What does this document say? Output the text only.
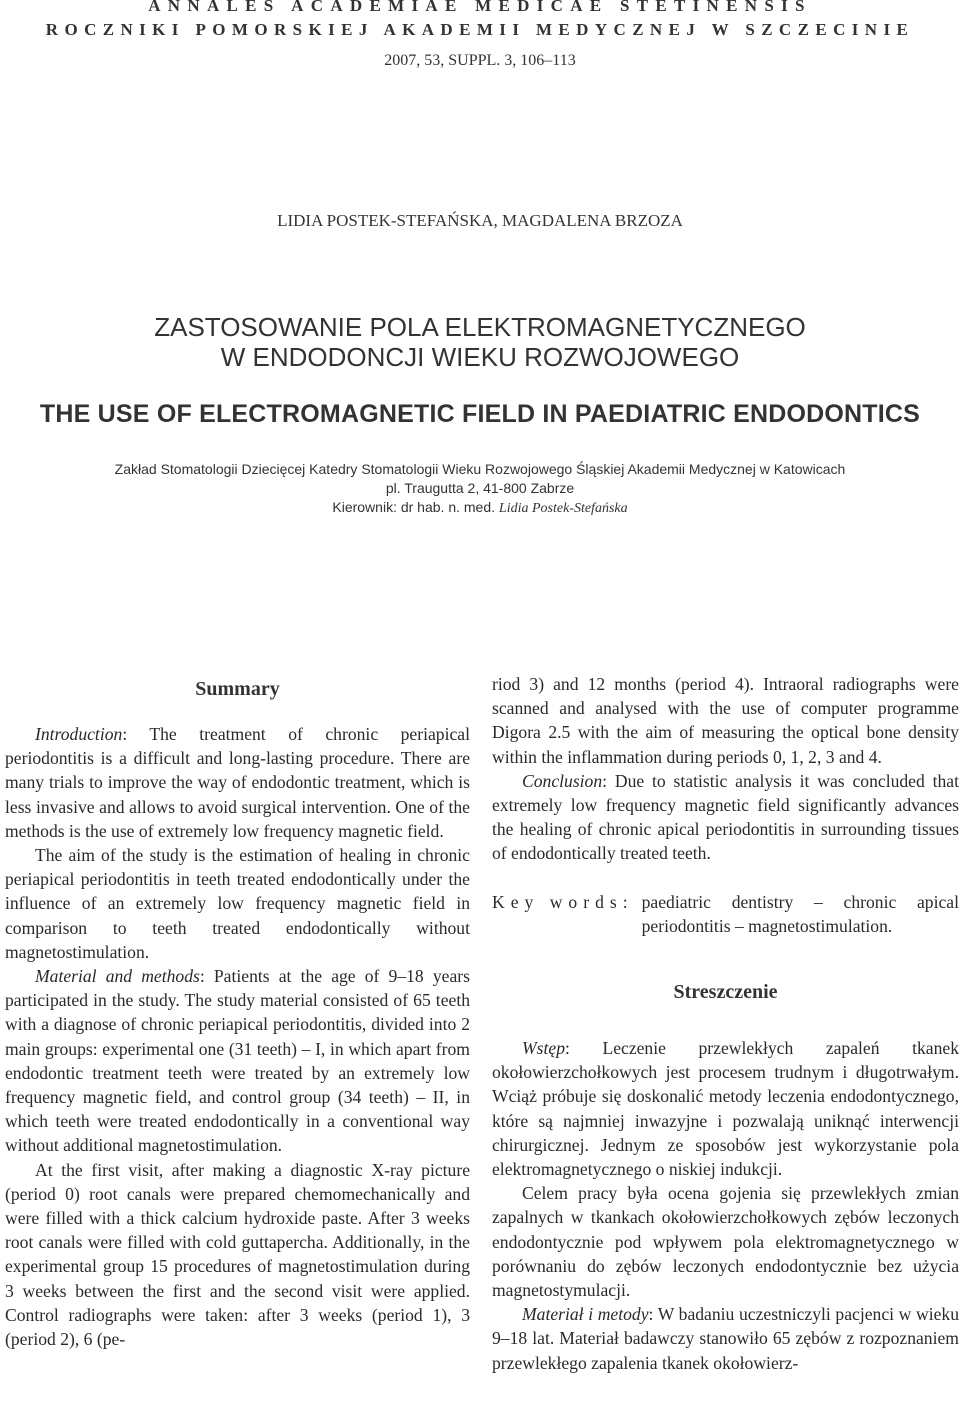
ANNALES ACADEMIAE MEDICAE STETINENSIS
ROCZNIKI POMORSKIEJ AKADEMII MEDYCZNEJ W SZCZECINIE
2007, 53, SUPPL. 3, 106–113
LIDIA POSTEK-STEFAŃSKA, MAGDALENA BRZOZA
ZASTOSOWANIE POLA ELEKTROMAGNETYCZNEGO
W ENDODONCJI WIEKU ROZWOJOWEGO
THE USE OF ELECTROMAGNETIC FIELD IN PAEDIATRIC ENDODONTICS
Zakład Stomatologii Dziecięcej Katedry Stomatologii Wieku Rozwojowego Śląskiej Akademii Medycznej w Katowicach
pl. Traugutta 2, 41-800 Zabrze
Kierownik: dr hab. n. med. Lidia Postek-Stefańska
Summary

Introduction: The treatment of chronic periapical periodontitis is a difficult and long-lasting procedure. There are many trials to improve the way of endodontic treatment, which is less invasive and allows to avoid surgical intervention. One of the methods is the use of extremely low frequency magnetic field.

The aim of the study is the estimation of healing in chronic periapical periodontitis in teeth treated endodontically under the influence of an extremely low frequency magnetic field in comparison to teeth treated endodontically without magnetostimulation.

Material and methods: Patients at the age of 9–18 years participated in the study. The study material consisted of 65 teeth with a diagnose of chronic periapical periodontitis, divided into 2 main groups: experimental one (31 teeth) – I, in which apart from endodontic treatment teeth were treated by an extremely low frequency magnetic field, and control group (34 teeth) – II, in which teeth were treated endodontically in a conventional way without additional magnetostimulation.

At the first visit, after making a diagnostic X-ray picture (period 0) root canals were prepared chemomechanically and were filled with a thick calcium hydroxide paste. After 3 weeks root canals were filled with cold guttapercha. Additionally, in the experimental group 15 procedures of magnetostimulation during 3 weeks between the first and the second visit were applied. Control radiographs were taken: after 3 weeks (period 1), 3 (period 2), 6 (pe-

riod 3) and 12 months (period 4). Intraoral radiographs were scanned and analysed with the use of computer programme Digora 2.5 with the aim of measuring the optical bone density within the inflammation during periods 0, 1, 2, 3 and 4.

Conclusion: Due to statistic analysis it was concluded that extremely low frequency magnetic field significantly advances the healing of chronic apical periodontitis in surrounding tissues of endodontically treated teeth.

Key words: paediatric dentistry – chronic apical periodontitis – magnetostimulation.
Streszczenie

Wstęp: Leczenie przewlekłych zapaleń tkanek okołowierzchołkowych jest procesem trudnym i długotrwałym. Wciąż próbuje się doskonalić metody leczenia endodontycznego, które są najmniej inwazyjne i pozwalają uniknąć interwencji chirurgicznej. Jednym ze sposobów jest wykorzystanie pola elektromagnetycznego o niskiej indukcji.

Celem pracy była ocena gojenia się przewlekłych zmian zapalnych w tkankach okołowierzchołkowych zębów leczonych endodontycznie pod wpływem pola elektromagnetycznego w porównaniu do zębów leczonych endodontycznie bez użycia magnetostymulacji.

Materiał i metody: W badaniu uczestniczyli pacjenci w wieku 9–18 lat. Materiał badawczy stanowiło 65 zębów z rozpoznaniem przewlekłego zapalenia tkanek okołowierz-
